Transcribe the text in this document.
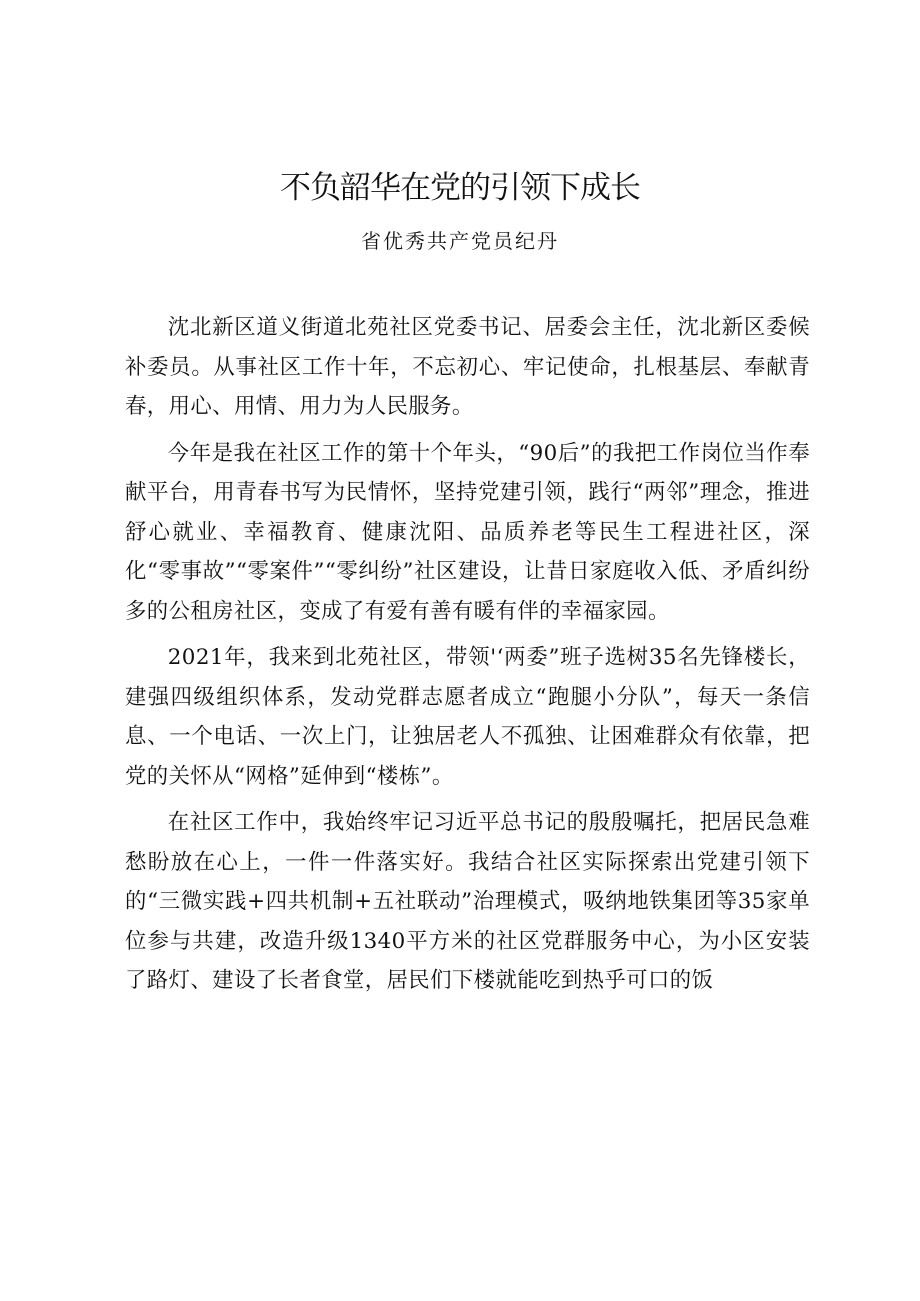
不负韶华在党的引领下成长
省优秀共产党员纪丹

沈北新区道义街道北苑社区党委书记、居委会主任，沈北新区委候补委员。从事社区工作十年，不忘初心、牢记使命，扎根基层、奉献青春，用心、用情、用力为人民服务。

今年是我在社区工作的第十个年头，“90后”的我把工作岗位当作奉献平台，用青春书写为民情怀，坚持党建引领，践行“两邻”理念，推进舒心就业、幸福教育、健康沈阳、品质养老等民生工程进社区，深化“零事故”“零案件”“零纠纷”社区建设，让昔日家庭收入低、矛盾纠纷多的公租房社区，变成了有爱有善有暖有伴的幸福家园。

2021年，我来到北苑社区，带领'‘两委”班子选树35名先锋楼长，建强四级组织体系，发动党群志愿者成立“跑腿小分队”，每天一条信息、一个电话、一次上门，让独居老人不孤独、让困难群众有依靠，把党的关怀从“网格”延伸到“楼栋”。

在社区工作中，我始终牢记习近平总书记的殷殷嘱托，把居民急难愁盼放在心上，一件一件落实好。我结合社区实际探索出党建引领下的“三微实践+四共机制+五社联动”治理模式，吸纳地铁集团等35家单位参与共建，改造升级1340平方米的社区党群服务中心，为小区安装了路灯、建设了长者食堂，居民们下楼就能吃到热乎可口的饭
